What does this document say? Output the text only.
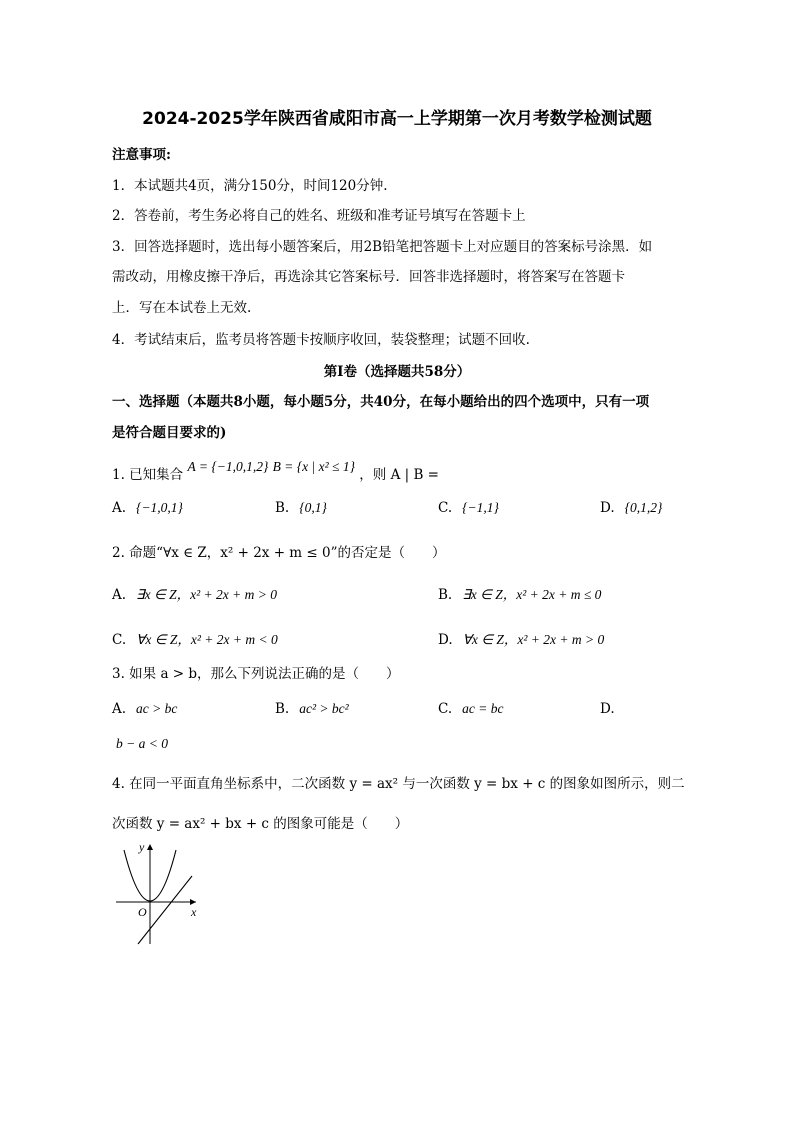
2024-2025学年陕西省咸阳市高一上学期第一次月考数学检测试题
注意事项:
1．本试题共4页，满分150分，时间120分钟.
2．答卷前，考生务必将自己的姓名、班级和准考证号填写在答题卡上
3．回答选择题时，选出每小题答案后，用2B铅笔把答题卡上对应题目的答案标号涂黑．如
需改动，用橡皮擦干净后，再选涂其它答案标号．回答非选择题时，将答案写在答题卡
上．写在本试卷上无效.
4．考试结束后，监考员将答题卡按顺序收回，装袋整理；试题不回收.
第I卷（选择题共58分）
一、选择题（本题共8小题，每小题5分，共40分，在每小题给出的四个选项中，只有一项
是符合题目要求的)
1. 已知集合 A = {−1,0,1,2} B = {x | x² ≤ 1} ，则 A | B =
A. {−1,0,1}	B. {0,1}	C. {−1,1}	D. {0,1,2}
2. 命题“∀x ∈ Z，x² + 2x + m ≤ 0”的否定是（　　）
A. ∃x ∈ Z，x² + 2x + m > 0	B. ∃x ∈ Z，x² + 2x + m ≤ 0
C. ∀x ∈ Z，x² + 2x + m < 0	D. ∀x ∈ Z，x² + 2x + m > 0
3. 如果 a > b，那么下列说法正确的是（　　）
A. ac > bc	B. ac² > bc²	C. ac = bc	D.
b − a < 0
4. 在同一平面直角坐标系中，二次函数 y = ax² 与一次函数 y = bx + c 的图象如图所示，则二
次函数 y = ax² + bx + c 的图象可能是（　　）
y
x
O
